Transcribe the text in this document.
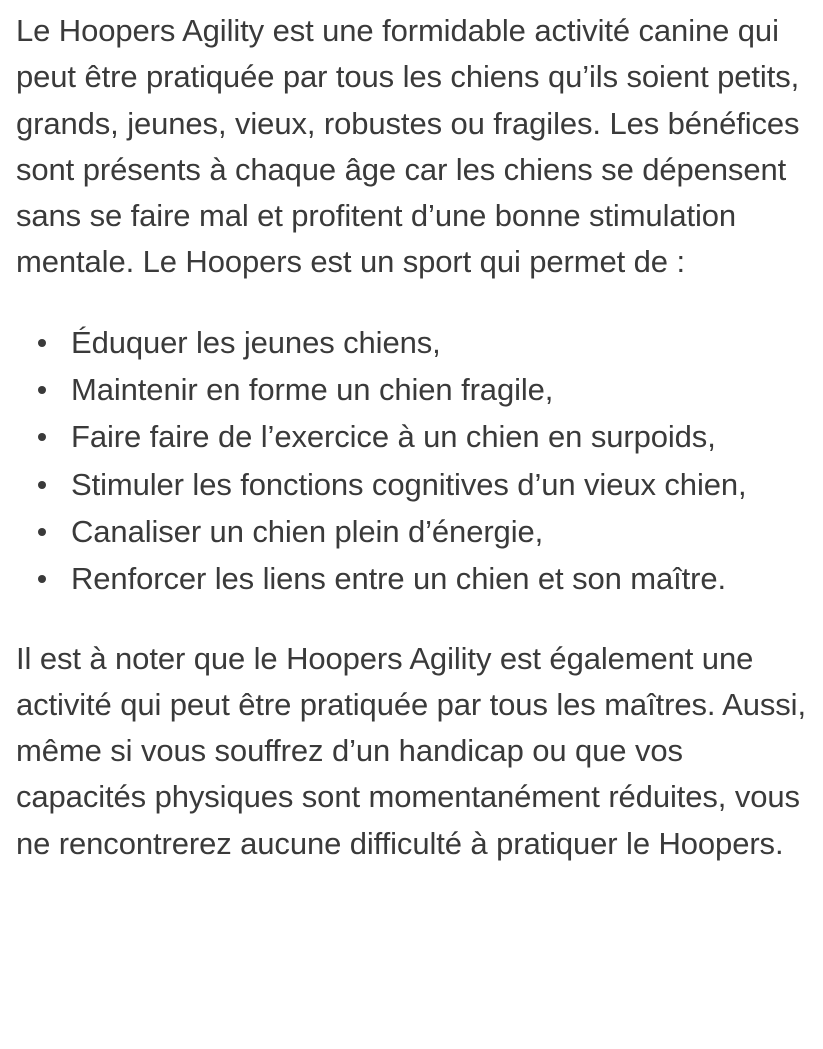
Le Hoopers Agility est une formidable activité canine qui peut être pratiquée par tous les chiens qu’ils soient petits, grands, jeunes, vieux, robustes ou fragiles. Les bénéfices sont présents à chaque âge car les chiens se dépensent sans se faire mal et profitent d’une bonne stimulation mentale. Le Hoopers est un sport qui permet de :

Éduquer les jeunes chiens,
Maintenir en forme un chien fragile,
Faire faire de l’exercice à un chien en surpoids,
Stimuler les fonctions cognitives d’un vieux chien,
Canaliser un chien plein d’énergie,
Renforcer les liens entre un chien et son maître.

Il est à noter que le Hoopers Agility est également une activité qui peut être pratiquée par tous les maîtres. Aussi, même si vous souffrez d’un handicap ou que vos capacités physiques sont momentanément réduites, vous ne rencontrerez aucune difficulté à pratiquer le Hoopers.
